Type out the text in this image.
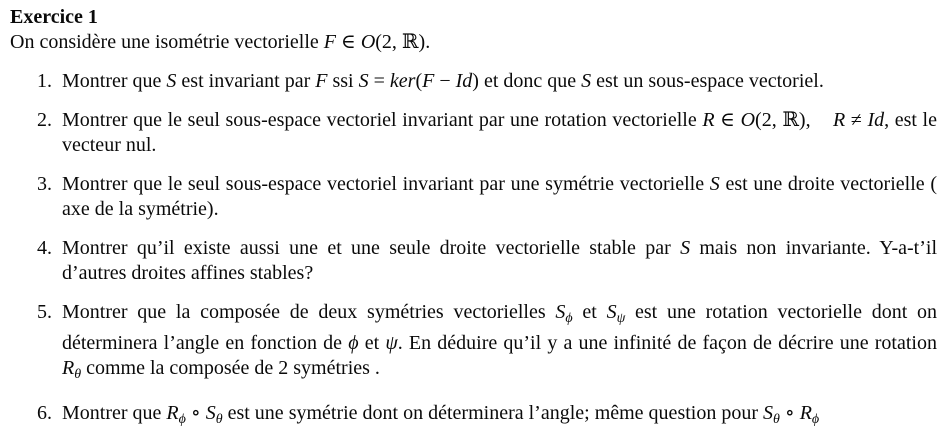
Exercice 1

On considère une isométrie vectorielle F ∈ O(2, ℝ).

1. Montrer que S est invariant par F ssi S = ker(F − Id) et donc que S est un sous-espace vectoriel.
2. Montrer que le seul sous-espace vectoriel invariant par une rotation vectorielle R ∈ O(2, ℝ),    R ≠ Id, est le vecteur nul.
3. Montrer que le seul sous-espace vectoriel invariant par une symétrie vectorielle S est une droite vectorielle ( axe de la symétrie).
4. Montrer qu’il existe aussi une et une seule droite vectorielle stable par S mais non invariante. Y-a-t’il d’autres droites affines stables?
5. Montrer que la composée de deux symétries vectorielles $S_\phi$ et $S_\psi$ est une rotation vectorielle dont on déterminera l’angle en fonction de ϕ et ψ. En déduire qu’il y a une infinité de façon de décrire une rotation $R_\theta$ comme la composée de 2 symétries .
6. Montrer que $R_\phi$ ∘ $S_\theta$ est une symétrie dont on déterminera l’angle; même question pour $S_\theta$ ∘ $R_\phi$
